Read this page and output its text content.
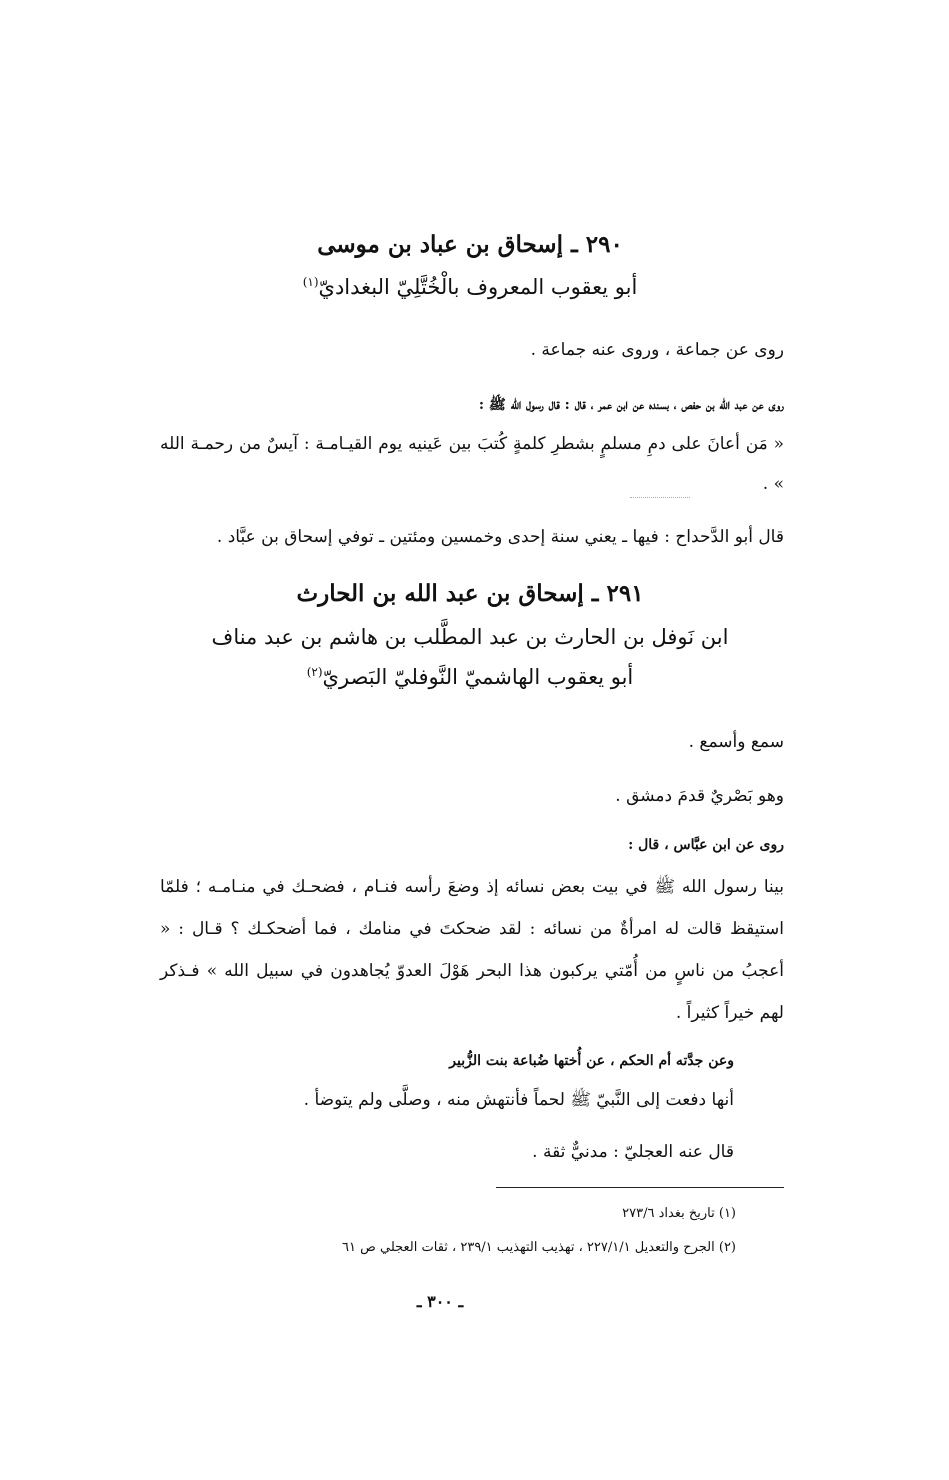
٢٩٠ ـ إسحاق بن عباد بن موسى
أبو يعقوب المعروف بالْخُتَّلِيّ البغداديّ$^{(١)}$
روى عن جماعة ، وروى عنه جماعة .
روى عن عبد الله بن حفص ، بسنده عن ابن عمر ، قال : قال رسول الله ﷺ :
« مَن أعانَ على دمِ مسلمٍ بشطرِ كلمةٍ كُتبَ بين عَينيه يوم القيـامـة : آيسٌ من رحمـة الله » .
قال أبو الدَّحداح : فيها ـ يعني سنة إحدى وخمسين ومئتين ـ توفي إسحاق بن عبَّاد .
٢٩١ ـ إسحاق بن عبد الله بن الحارث
ابن نَوفل بن الحارث بن عبد المطَّلب بن هاشم بن عبد مناف
أبو يعقوب الهاشميّ النَّوفليّ البَصريّ$^{(٢)}$
سمع وأسمع .
وهو بَصْريٌ قدمَ دمشق .
روى عن ابن عبَّاس ، قال :
بينا رسول الله ﷺ في بيت بعض نسائه إذ وضعَ رأسه فنـام ، فضحـك في منـامـه ؛ فلمّا استيقظ قالت له امرأةٌ من نسائه : لقد ضحكتَ في منامك ، فما أضحكـك ؟ قـال : « أعجبُ من ناسٍ من أُمّتي يركبون هذا البحر هَوْلَ العدوّ يُجاهدون في سبيل الله » فـذكر لهم خيراً كثيراً .
وعن جدَّته أم الحكم ، عن أُختها ضُباعة بنت الزُّبير
أنها دفعت إلى النَّبيّ ﷺ لحماً فأنتهش منه ، وصلَّى ولم يتوضأ .
قال عنه العجليّ : مدنيٌّ ثقة .
(١) تاريخ بغداد ٢٧٣/٦
(٢) الجرح والتعديل ٢٢٧/١/١ ، تهذيب التهذيب ٢٣٩/١ ، ثقات العجلي ص ٦١
ـ ٣٠٠ ـ
